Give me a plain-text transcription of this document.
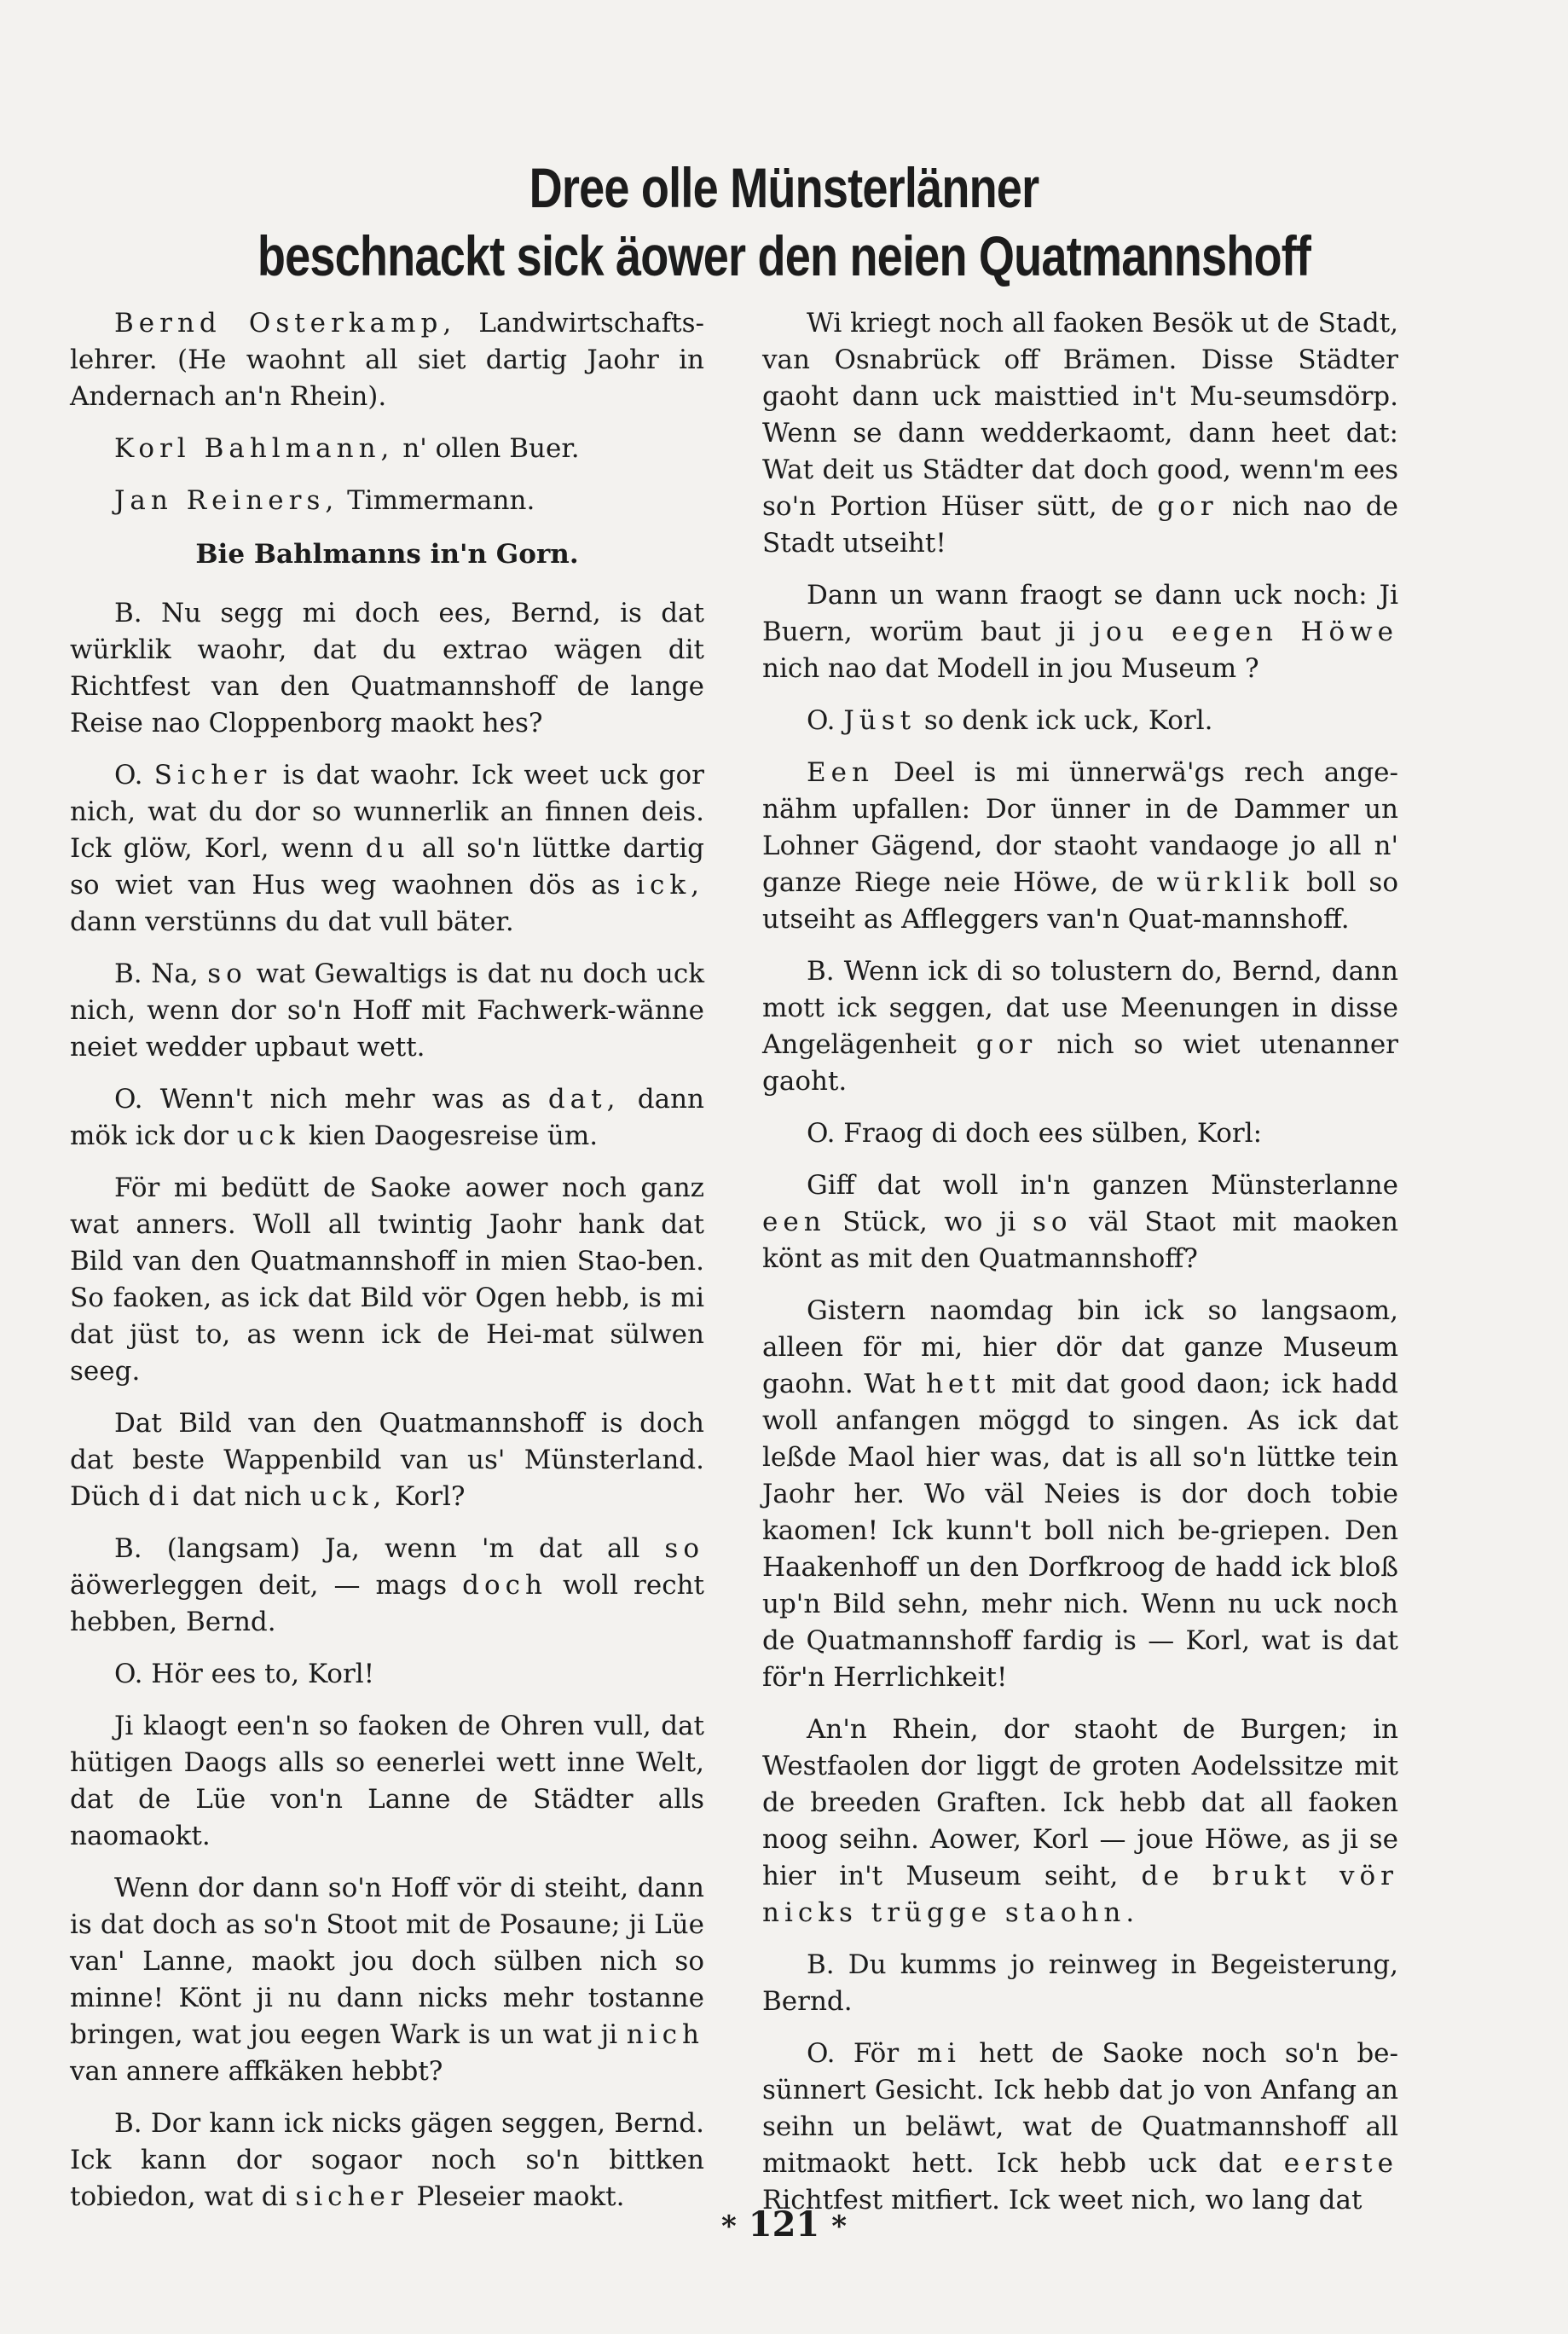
Dree olle Münsterlänner
beschnackt sick äower den neien Quatmannshoff

Bernd Osterkamp, Landwirtschafts-lehrer. (He waohnt all siet dartig Jaohr in Andernach an'n Rhein).

Korl Bahlmann, n' ollen Buer.

Jan Reiners, Timmermann.

Bie Bahlmanns in'n Gorn.

B. Nu segg mi doch ees, Bernd, is dat würklik waohr, dat du extrao wägen dit Richtfest van den Quatmannshoff de lange Reise nao Cloppenborg maokt hes?

O. Sicher is dat waohr. Ick weet uck gor nich, wat du dor so wunnerlik an finnen deis. Ick glöw, Korl, wenn du all so'n lüttke dartig so wiet van Hus weg waohnen dös as ick, dann verstünns du dat vull bäter.

B. Na, so wat Gewaltigs is dat nu doch uck nich, wenn dor so'n Hoff mit Fachwerk-wänne neiet wedder upbaut wett.

O. Wenn't nich mehr was as dat, dann mök ick dor uck kien Daogesreise üm.

För mi bedütt de Saoke aower noch ganz wat anners. Woll all twintig Jaohr hank dat Bild van den Quatmannshoff in mien Stao-ben. So faoken, as ick dat Bild vör Ogen hebb, is mi dat jüst to, as wenn ick de Hei-mat sülwen seeg.

Dat Bild van den Quatmannshoff is doch dat beste Wappenbild van us' Münsterland. Düch di dat nich uck, Korl?

B. (langsam) Ja, wenn 'm dat all so äöwerleggen deit, — mags doch woll recht hebben, Bernd.

O. Hör ees to, Korl!

Ji klaogt een'n so faoken de Ohren vull, dat hütigen Daogs alls so eenerlei wett inne Welt, dat de Lüe von'n Lanne de Städter alls naomaokt.

Wenn dor dann so'n Hoff vör di steiht, dann is dat doch as so'n Stoot mit de Posaune; ji Lüe van' Lanne, maokt jou doch sülben nich so minne! Könt ji nu dann nicks mehr tostanne bringen, wat jou eegen Wark is un wat ji nich van annere affkäken hebbt?

B. Dor kann ick nicks gägen seggen, Bernd. Ick kann dor sogaor noch so'n bittken tobiedon, wat di sicher Pleseier maokt.

Wi kriegt noch all faoken Besök ut de Stadt, van Osnabrück off Brämen. Disse Städter gaoht dann uck maisttied in't Mu-seumsdörp. Wenn se dann wedderkaomt, dann heet dat: Wat deit us Städter dat doch good, wenn'm ees so'n Portion Hüser sütt, de gor nich nao de Stadt utseiht!

Dann un wann fraogt se dann uck noch: Ji Buern, worüm baut ji jou eegen Höwe nich nao dat Modell in jou Museum ?

O. Jüst so denk ick uck, Korl.

Een Deel is mi ünnerwä'gs rech ange-nähm upfallen: Dor ünner in de Dammer un Lohner Gägend, dor staoht vandaoge jo all n' ganze Riege neie Höwe, de würklik boll so utseiht as Affleggers van'n Quat-mannshoff.

B. Wenn ick di so tolustern do, Bernd, dann mott ick seggen, dat use Meenungen in disse Angelägenheit gor nich so wiet utenanner gaoht.

O. Fraog di doch ees sülben, Korl:

Giff dat woll in'n ganzen Münsterlanne een Stück, wo ji so väl Staot mit maoken könt as mit den Quatmannshoff?

Gistern naomdag bin ick so langsaom, alleen för mi, hier dör dat ganze Museum gaohn. Wat hett mit dat good daon; ick hadd woll anfangen möggd to singen. As ick dat leßde Maol hier was, dat is all so'n lüttke tein Jaohr her. Wo väl Neies is dor doch tobie kaomen! Ick kunn't boll nich be-griepen. Den Haakenhoff un den Dorfkroog de hadd ick bloß up'n Bild sehn, mehr nich. Wenn nu uck noch de Quatmannshoff fardig is — Korl, wat is dat för'n Herrlichkeit!

An'n Rhein, dor staoht de Burgen; in Westfaolen dor liggt de groten Aodelssitze mit de breeden Graften. Ick hebb dat all faoken noog seihn. Aower, Korl — joue Höwe, as ji se hier in't Museum seiht, de brukt vör nicks trügge staohn.

B. Du kumms jo reinweg in Begeisterung, Bernd.

O. För mi hett de Saoke noch so'n be-sünnert Gesicht. Ick hebb dat jo von Anfang an seihn un beläwt, wat de Quatmannshoff all mitmaokt hett. Ick hebb uck dat eerste Richtfest mitfiert. Ick weet nich, wo lang dat

* 121 *
